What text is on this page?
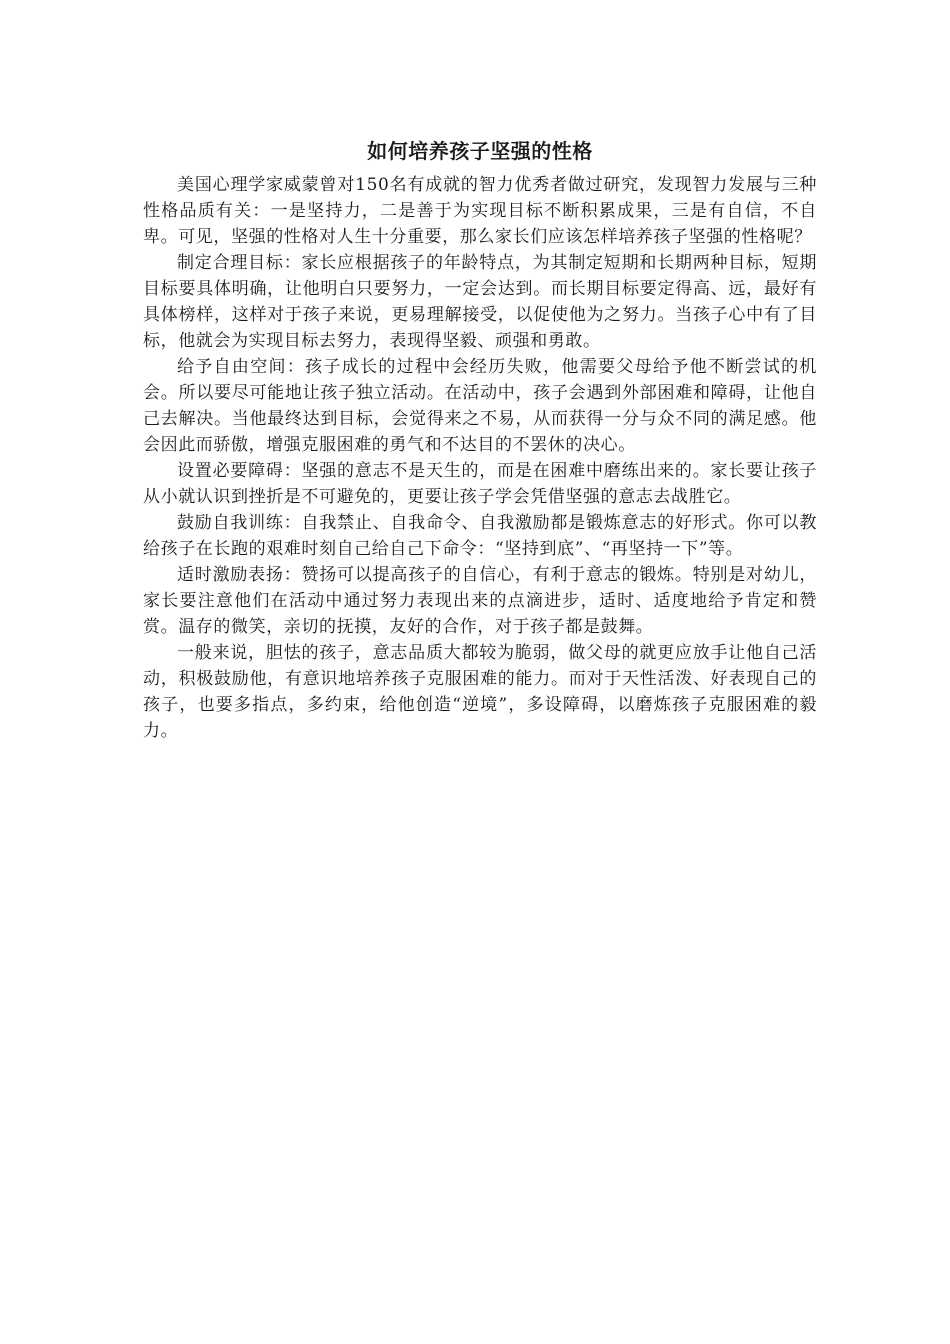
如何培养孩子坚强的性格

美国心理学家威蒙曾对150名有成就的智力优秀者做过研究，发现智力发展与三种性格品质有关：一是坚持力，二是善于为实现目标不断积累成果，三是有自信，不自卑。可见，坚强的性格对人生十分重要，那么家长们应该怎样培养孩子坚强的性格呢？

制定合理目标：家长应根据孩子的年龄特点，为其制定短期和长期两种目标，短期目标要具体明确，让他明白只要努力，一定会达到。而长期目标要定得高、远，最好有具体榜样，这样对于孩子来说，更易理解接受，以促使他为之努力。当孩子心中有了目标，他就会为实现目标去努力，表现得坚毅、顽强和勇敢。

给予自由空间：孩子成长的过程中会经历失败，他需要父母给予他不断尝试的机会。所以要尽可能地让孩子独立活动。在活动中，孩子会遇到外部困难和障碍，让他自己去解决。当他最终达到目标，会觉得来之不易，从而获得一分与众不同的满足感。他会因此而骄傲，增强克服困难的勇气和不达目的不罢休的决心。

设置必要障碍：坚强的意志不是天生的，而是在困难中磨练出来的。家长要让孩子从小就认识到挫折是不可避免的，更要让孩子学会凭借坚强的意志去战胜它。

鼓励自我训练：自我禁止、自我命令、自我激励都是锻炼意志的好形式。你可以教给孩子在长跑的艰难时刻自己给自己下命令：“坚持到底”、“再坚持一下”等。

适时激励表扬：赞扬可以提高孩子的自信心，有利于意志的锻炼。特别是对幼儿，家长要注意他们在活动中通过努力表现出来的点滴进步，适时、适度地给予肯定和赞赏。温存的微笑，亲切的抚摸，友好的合作，对于孩子都是鼓舞。

一般来说，胆怯的孩子，意志品质大都较为脆弱，做父母的就更应放手让他自己活动，积极鼓励他，有意识地培养孩子克服困难的能力。而对于天性活泼、好表现自己的孩子，也要多指点，多约束，给他创造“逆境”，多设障碍，以磨炼孩子克服困难的毅力。
